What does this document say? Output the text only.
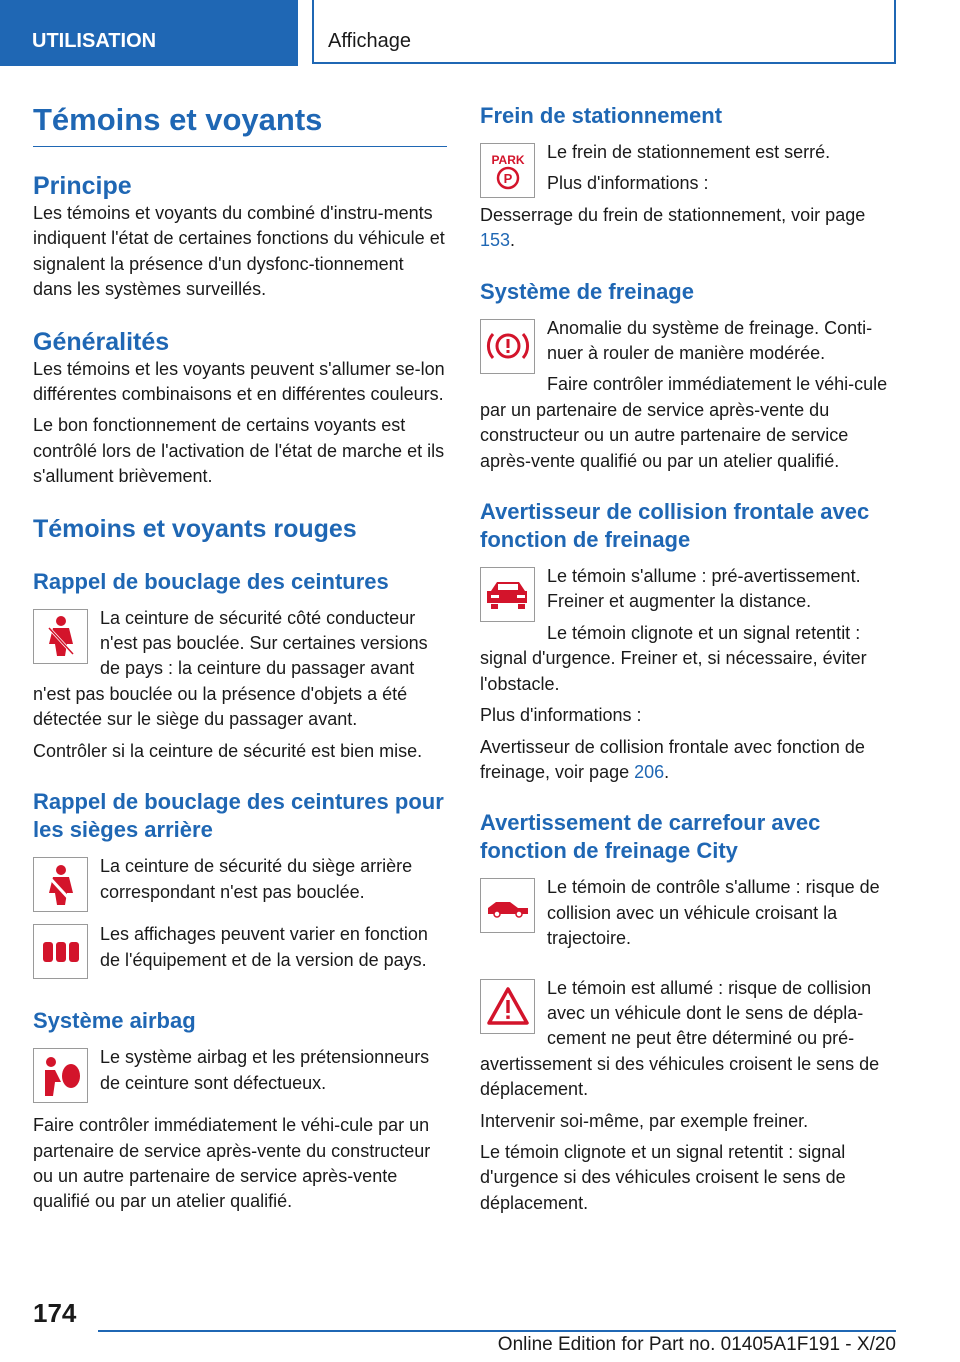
UTILISATION	Affichage
Témoins et voyants
Principe

Les témoins et voyants du combiné d'instru-ments indiquent l'état de certaines fonctions du véhicule et signalent la présence d'un dysfonc-tionnement dans les systèmes surveillés.

Généralités

Les témoins et les voyants peuvent s'allumer se-lon différentes combinaisons et en différentes couleurs.

Le bon fonctionnement de certains voyants est contrôlé lors de l'activation de l'état de marche et ils s'allument brièvement.

Témoins et voyants rouges
Rappel de bouclage des ceintures

La ceinture de sécurité côté conducteur n'est pas bouclée. Sur certaines versions de pays : la ceinture du passager avant n'est pas bouclée ou la présence d'objets a été détectée sur le siège du passager avant.

Contrôler si la ceinture de sécurité est bien mise.

Rappel de bouclage des ceintures pour les sièges arrière

La ceinture de sécurité du siège arrière correspondant n'est pas bouclée.

Les affichages peuvent varier en fonction de l'équipement et de la version de pays.

Système airbag

Le système airbag et les prétensionneurs de ceinture sont défectueux.

Faire contrôler immédiatement le véhi-cule par un partenaire de service après-vente du constructeur ou un autre partenaire de service après-vente qualifié ou par un atelier qualifié.

Frein de stationnement
PARK
P

Le frein de stationnement est serré.

Plus d'informations :

Desserrage du frein de stationnement, voir page 153.

Système de freinage

Anomalie du système de freinage. Conti-nuer à rouler de manière modérée.

Faire contrôler immédiatement le véhi-cule par un partenaire de service après-vente du constructeur ou un autre partenaire de service après-vente qualifié ou par un atelier qualifié.

Avertisseur de collision frontale avec fonction de freinage

Le témoin s'allume : pré-avertissement. Freiner et augmenter la distance.

Le témoin clignote et un signal retentit : signal d'urgence. Freiner et, si nécessaire, éviter l'obstacle.

Plus d'informations :

Avertisseur de collision frontale avec fonction de freinage, voir page 206.

Avertissement de carrefour avec fonction de freinage City

Le témoin de contrôle s'allume : risque de collision avec un véhicule croisant la trajectoire.

Le témoin est allumé : risque de collision avec un véhicule dont le sens de dépla-cement ne peut être déterminé ou pré-avertissement si des véhicules croisent le sens de déplacement.

Intervenir soi-même, par exemple freiner.

Le témoin clignote et un signal retentit : signal d'urgence si des véhicules croisent le sens de déplacement.

174
Online Edition for Part no. 01405A1F191 - X/20
